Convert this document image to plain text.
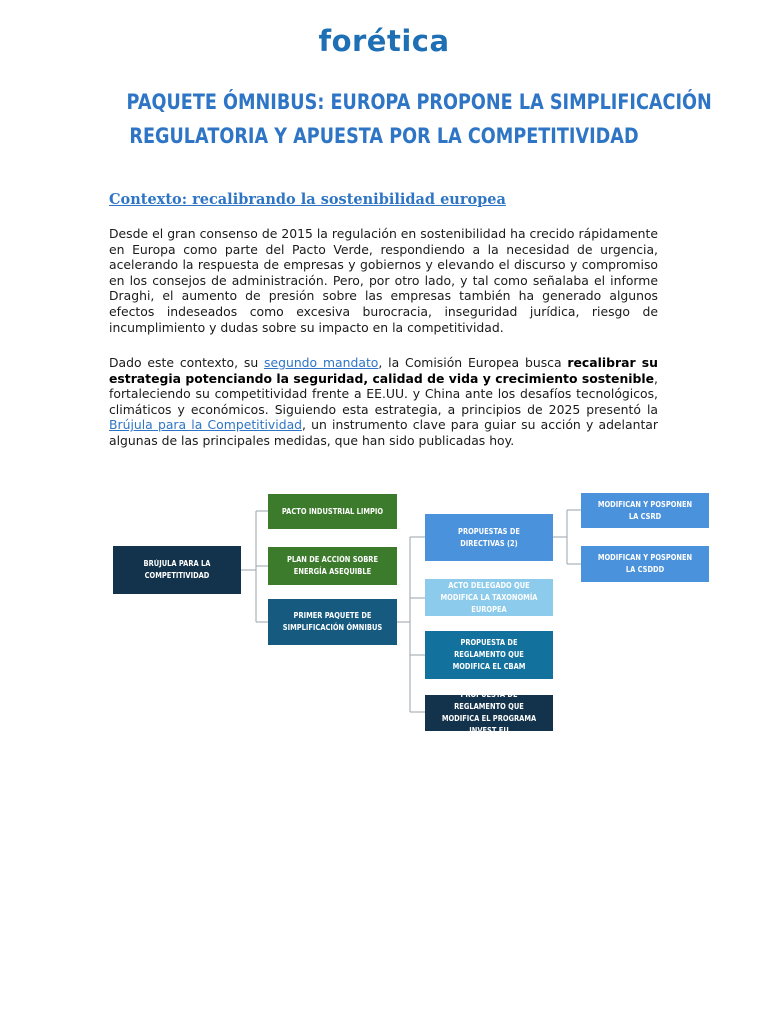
forética
PAQUETE ÓMNIBUS: EUROPA PROPONE LA SIMPLIFICACIÓN
REGULATORIA Y APUESTA POR LA COMPETITIVIDAD
Contexto: recalibrando la sostenibilidad europea

Desde el gran consenso de 2015 la regulación en sostenibilidad ha crecido rápidamente en Europa como parte del Pacto Verde, respondiendo a la necesidad de urgencia, acelerando la respuesta de empresas y gobiernos y elevando el discurso y compromiso en los consejos de administración. Pero, por otro lado, y tal como señalaba el informe Draghi, el aumento de presión sobre las empresas también ha generado algunos efectos indeseados como excesiva burocracia, inseguridad jurídica, riesgo de incumplimiento y dudas sobre su impacto en la competitividad.

Dado este contexto, su segundo mandato, la Comisión Europea busca recalibrar su estrategia potenciando la seguridad, calidad de vida y crecimiento sostenible, fortaleciendo su competitividad frente a EE.UU. y China ante los desafíos tecnológicos, climáticos y económicos. Siguiendo esta estrategia, a principios de 2025 presentó la Brújula para la Competitividad, un instrumento clave para guiar su acción y adelantar algunas de las principales medidas, que han sido publicadas hoy.

BRÚJULA PARA LA COMPETITIVIDAD
PACTO INDUSTRIAL LIMPIO
PLAN DE ACCIÓN SOBRE ENERGÍA ASEQUIBLE
PRIMER PAQUETE DE SIMPLIFICACIÓN ÓMNIBUS
PROPUESTAS DE DIRECTIVAS (2)
ACTO DELEGADO QUE MODIFICA LA TAXONOMÍA EUROPEA
PROPUESTA DE REGLAMENTO QUE MODIFICA EL CBAM
PROPUESTA DE REGLAMENTO QUE MODIFICA EL PROGRAMA INVEST EU
MODIFICAN Y POSPONEN LA CSRD
MODIFICAN Y POSPONEN LA CSDDD
